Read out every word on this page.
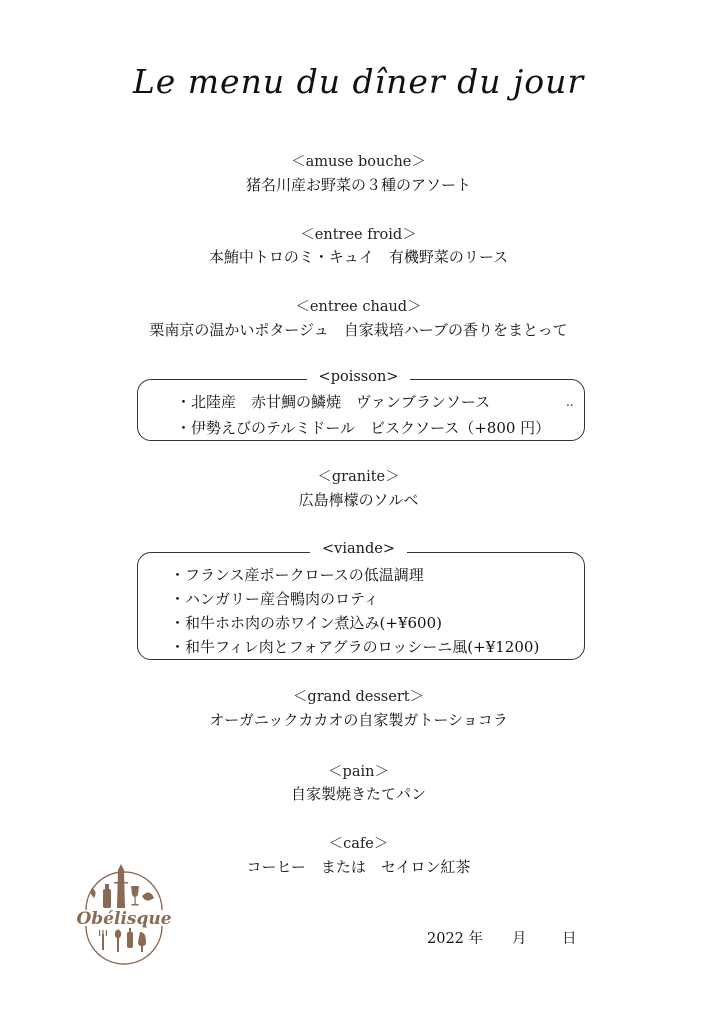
Le menu du dîner du jour
＜amuse bouche＞
猪名川産お野菜の３種のアソート
＜entree froid＞
本鮪中トロのミ・キュイ　有機野菜のリース
＜entree chaud＞
栗南京の温かいポタージュ　自家栽培ハーブの香りをまとって
<poisson>
・北陸産　赤甘鯛の鱗焼　ヴァンブランソース
・伊勢えびのテルミドール　ビスクソース（+800 円）
..
＜granite＞
広島檸檬のソルベ
<viande>
・フランス産ポークロースの低温調理
・ハンガリー産合鴨肉のロティ
・和牛ホホ肉の赤ワイン煮込み(+¥600)
・和牛フィレ肉とフォアグラのロッシーニ風(+¥1200)
＜grand dessert＞
オーガニックカカオの自家製ガトーショコラ
＜pain＞
自家製焼きたてパン
＜cafe＞
コーヒー　または　セイロン紅茶
Obélisque
2022 年 月 日
